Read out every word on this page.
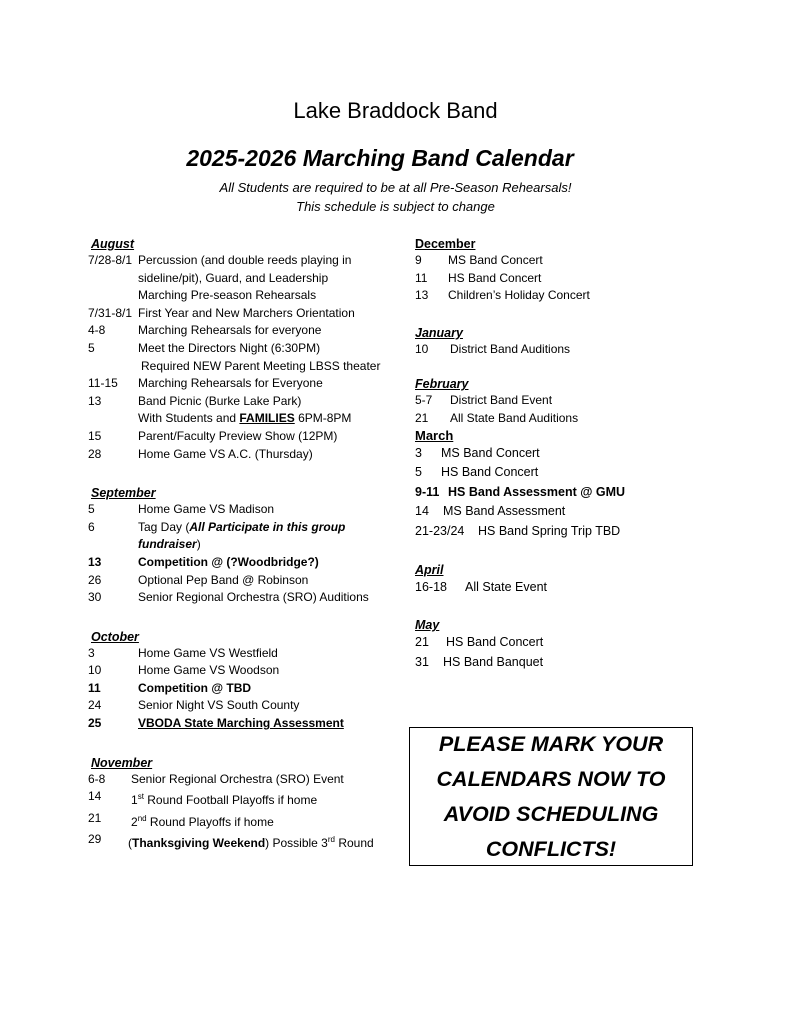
Lake Braddock Band
2025-2026 Marching Band Calendar
All Students are required to be at all Pre-Season Rehearsals!
This schedule is subject to change
August
7/28-8/1 Percussion (and double reeds playing in
sideline/pit), Guard, and Leadership
Marching Pre-season Rehearsals
7/31-8/1 First Year and New Marchers Orientation
4-8	Marching Rehearsals for everyone
5	Meet the Directors Night (6:30PM)
Required NEW Parent Meeting LBSS theater
11-15	Marching Rehearsals for Everyone
13	Band Picnic (Burke Lake Park)
With Students and FAMILIES 6PM-8PM
15	Parent/Faculty Preview Show (12PM)
28	Home Game VS A.C. (Thursday)
September
5	Home Game VS Madison
6	Tag Day (All Participate in this group
fundraiser)
13	Competition @ (?Woodbridge?)
26	Optional Pep Band @ Robinson
30	Senior Regional Orchestra (SRO) Auditions
October
3	Home Game VS Westfield
10	Home Game VS Woodson
11	Competition @ TBD
24	Senior Night VS South County
25	VBODA State Marching Assessment
November
6-8	Senior Regional Orchestra (SRO) Event
14	1st Round Football Playoffs if home
21	2nd Round Playoffs if home
29	(Thanksgiving Weekend) Possible 3rd Round
December
9	MS Band Concert
11	HS Band Concert
13	Children’s Holiday Concert
January
10	District Band Auditions
February
5-7	District Band Event
21	All State Band Auditions
March
3	MS Band Concert
5	HS Band Concert
9-11 HS Band Assessment @ GMU
14	MS Band Assessment
21-23/24	HS Band Spring Trip TBD
April
16-18	All State Event
May
21	HS Band Concert
31	HS Band Banquet
PLEASE MARK YOUR
CALENDARS NOW TO
AVOID SCHEDULING
CONFLICTS!
